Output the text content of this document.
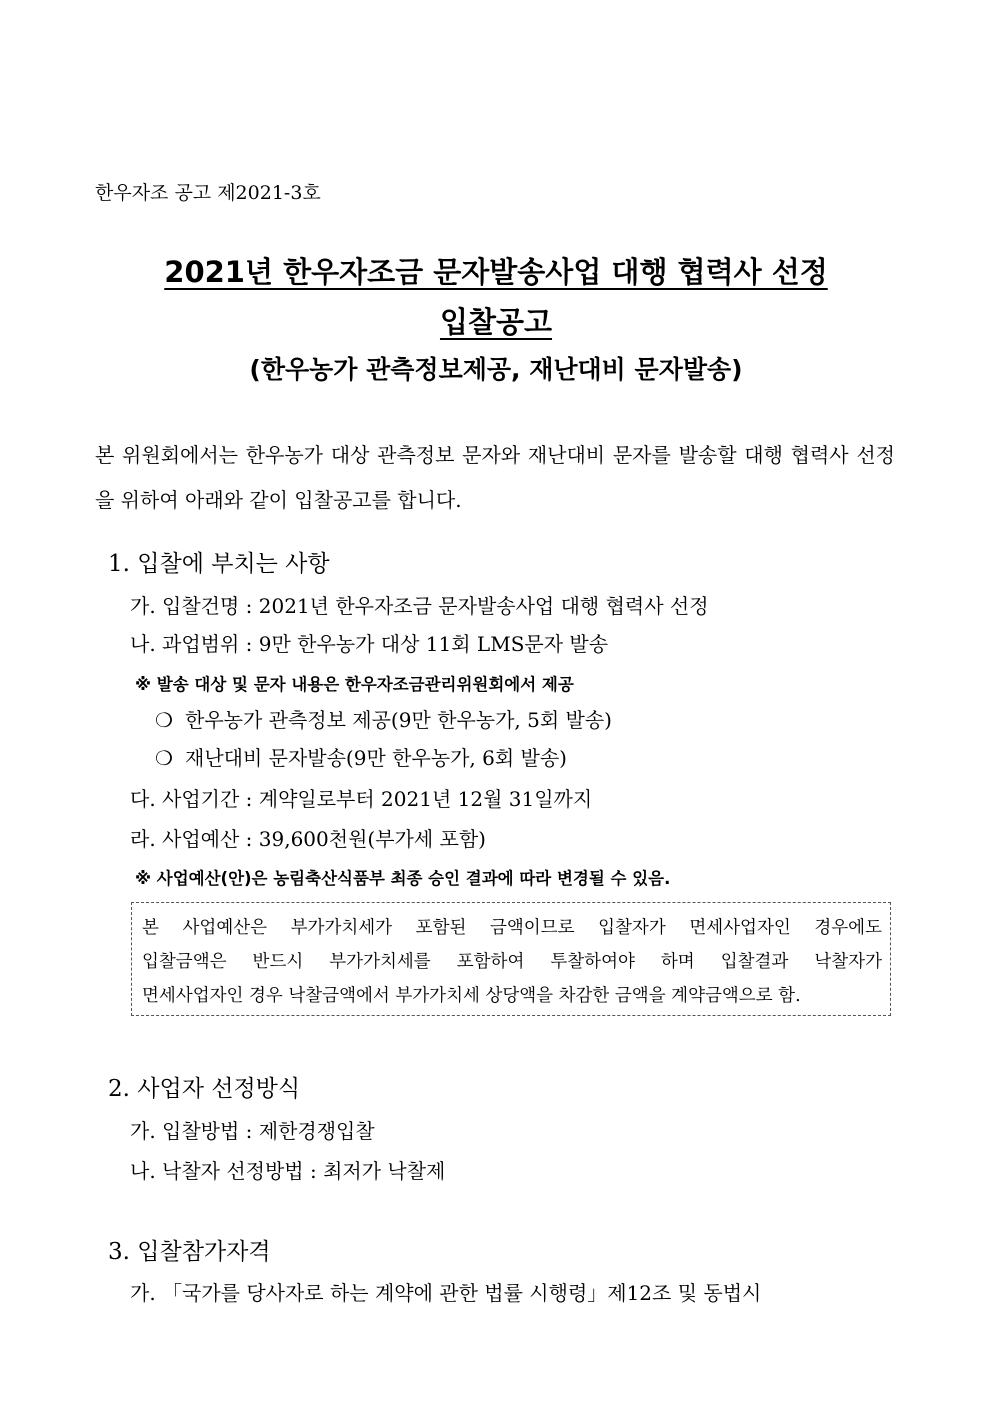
한우자조 공고 제2021-3호
2021년 한우자조금 문자발송사업 대행 협력사 선정
입찰공고
(한우농가 관측정보제공, 재난대비 문자발송)
본 위원회에서는 한우농가 대상 관측정보 문자와 재난대비 문자를 발송할 대행 협력사 선정을 위하여 아래와 같이 입찰공고를 합니다.
1. 입찰에 부치는 사항
가. 입찰건명 : 2021년 한우자조금 문자발송사업 대행 협력사 선정
나. 과업범위 : 9만 한우농가 대상 11회 LMS문자 발송
※ 발송 대상 및 문자 내용은 한우자조금관리위원회에서 제공
❍ 한우농가 관측정보 제공(9만 한우농가, 5회 발송)
❍ 재난대비 문자발송(9만 한우농가, 6회 발송)
다. 사업기간 : 계약일로부터 2021년 12월 31일까지
라. 사업예산 : 39,600천원(부가세 포함)
※ 사업예산(안)은 농림축산식품부 최종 승인 결과에 따라 변경될 수 있음.
본 사업예산은 부가가치세가 포함된 금액이므로 입찰자가 면세사업자인 경우에도
입찰금액은 반드시 부가가치세를 포함하여 투찰하여야 하며 입찰결과 낙찰자가
면세사업자인 경우 낙찰금액에서 부가가치세 상당액을 차감한 금액을 계약금액으로 함.
2. 사업자 선정방식
가. 입찰방법 : 제한경쟁입찰
나. 낙찰자 선정방법 : 최저가 낙찰제
3. 입찰참가자격
가. 「국가를 당사자로 하는 계약에 관한 법률 시행령」제12조 및 동법시
